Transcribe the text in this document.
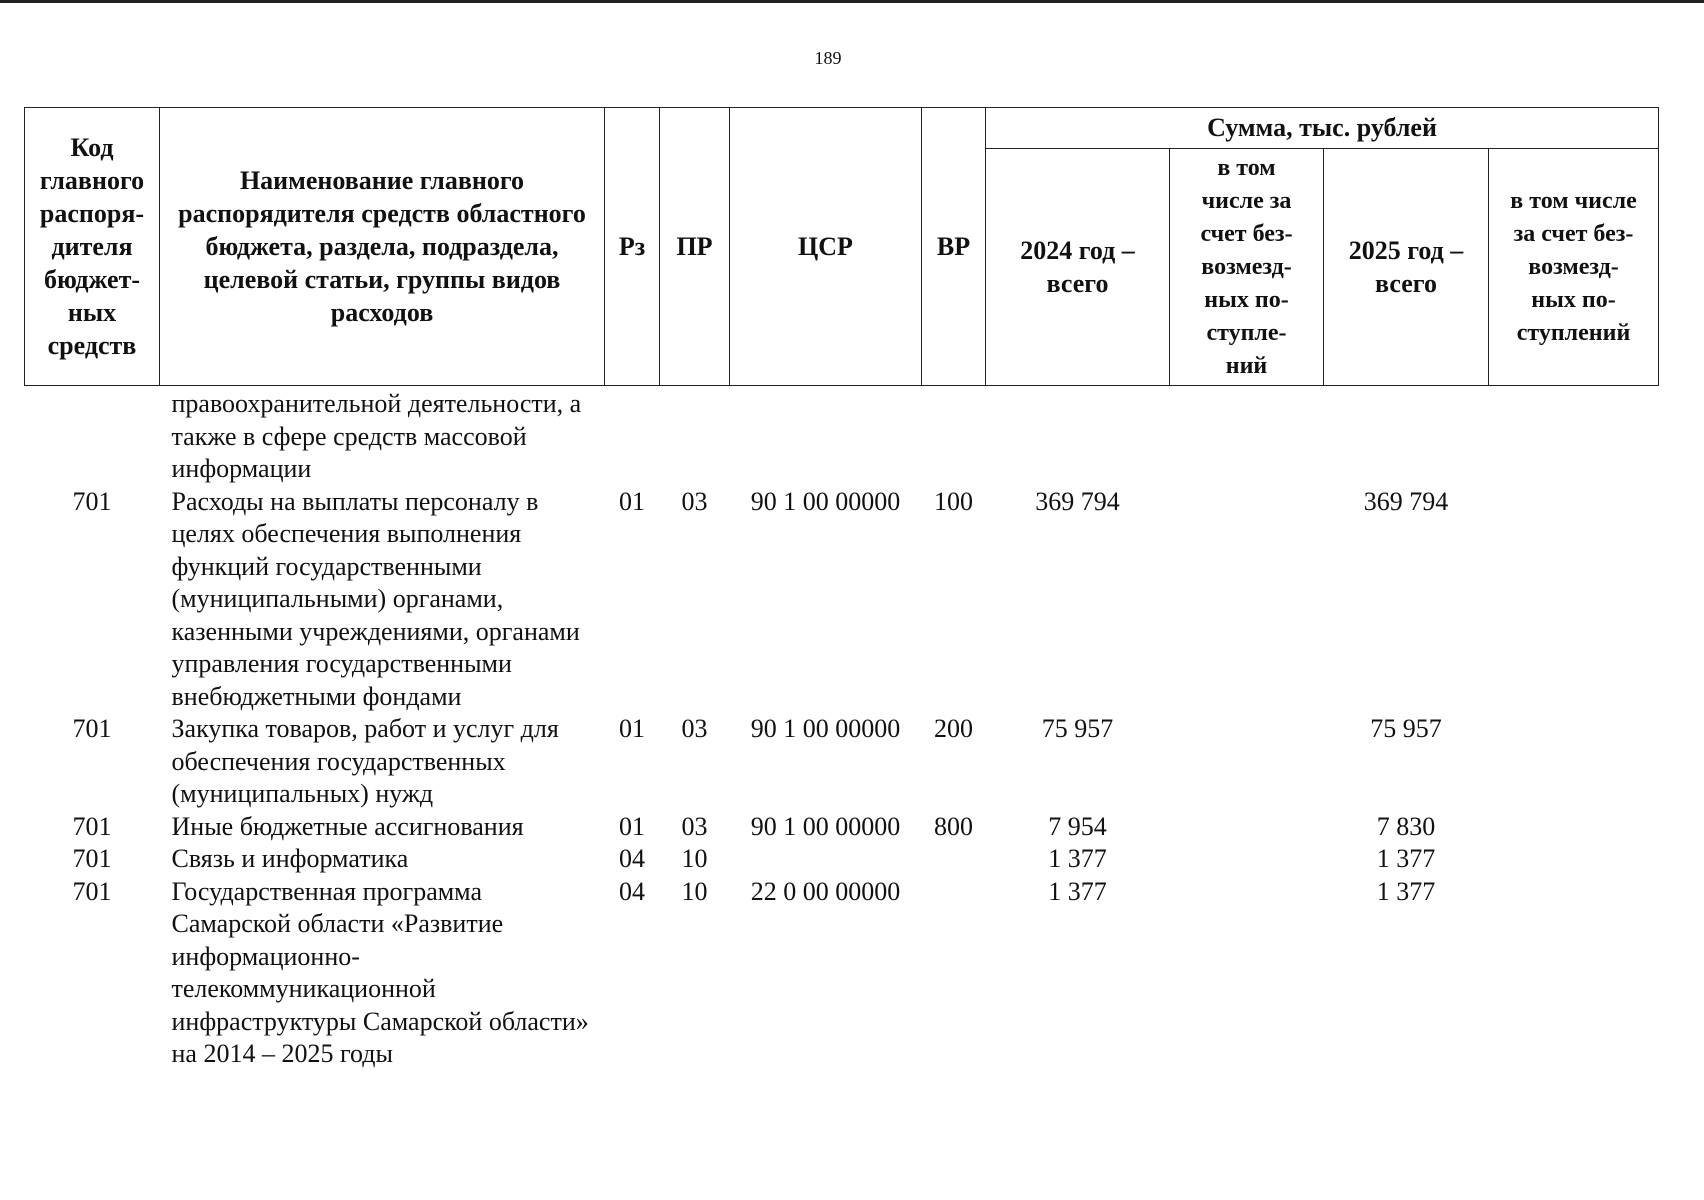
189
Код главного распоря-дителя бюджет-ных средств	Наименование главного распорядителя средств областного бюджета, раздела, подраздела, целевой статьи, группы видов расходов	Рз	ПР	ЦСР	ВР	Сумма, тыс. рублей			
						2024 год – всего	в том числе за счет без-возмезд-ных по-ступле-ний	2025 год – всего	в том числе за счет без-возмезд-ных по-ступлений
	правоохранительной деятельности, а также в сфере средств массовой информации								
701	Расходы на выплаты персоналу в целях обеспечения выполнения функций государственными (муниципальными) органами, казенными учреждениями, органами управления государственными внебюджетными фондами	01	03	90 1 00 00000	100	369 794		369 794	
701	Закупка товаров, работ и услуг для обеспечения государственных (муниципальных) нужд	01	03	90 1 00 00000	200	75 957		75 957	
701	Иные бюджетные ассигнования	01	03	90 1 00 00000	800	7 954		7 830	
701	Связь и информатика	04	10			1 377		1 377	
701	Государственная программа Самарской области «Развитие информационно-телекоммуникационной инфраструктуры Самарской области» на 2014 – 2025 годы	04	10	22 0 00 00000		1 377		1 377	
